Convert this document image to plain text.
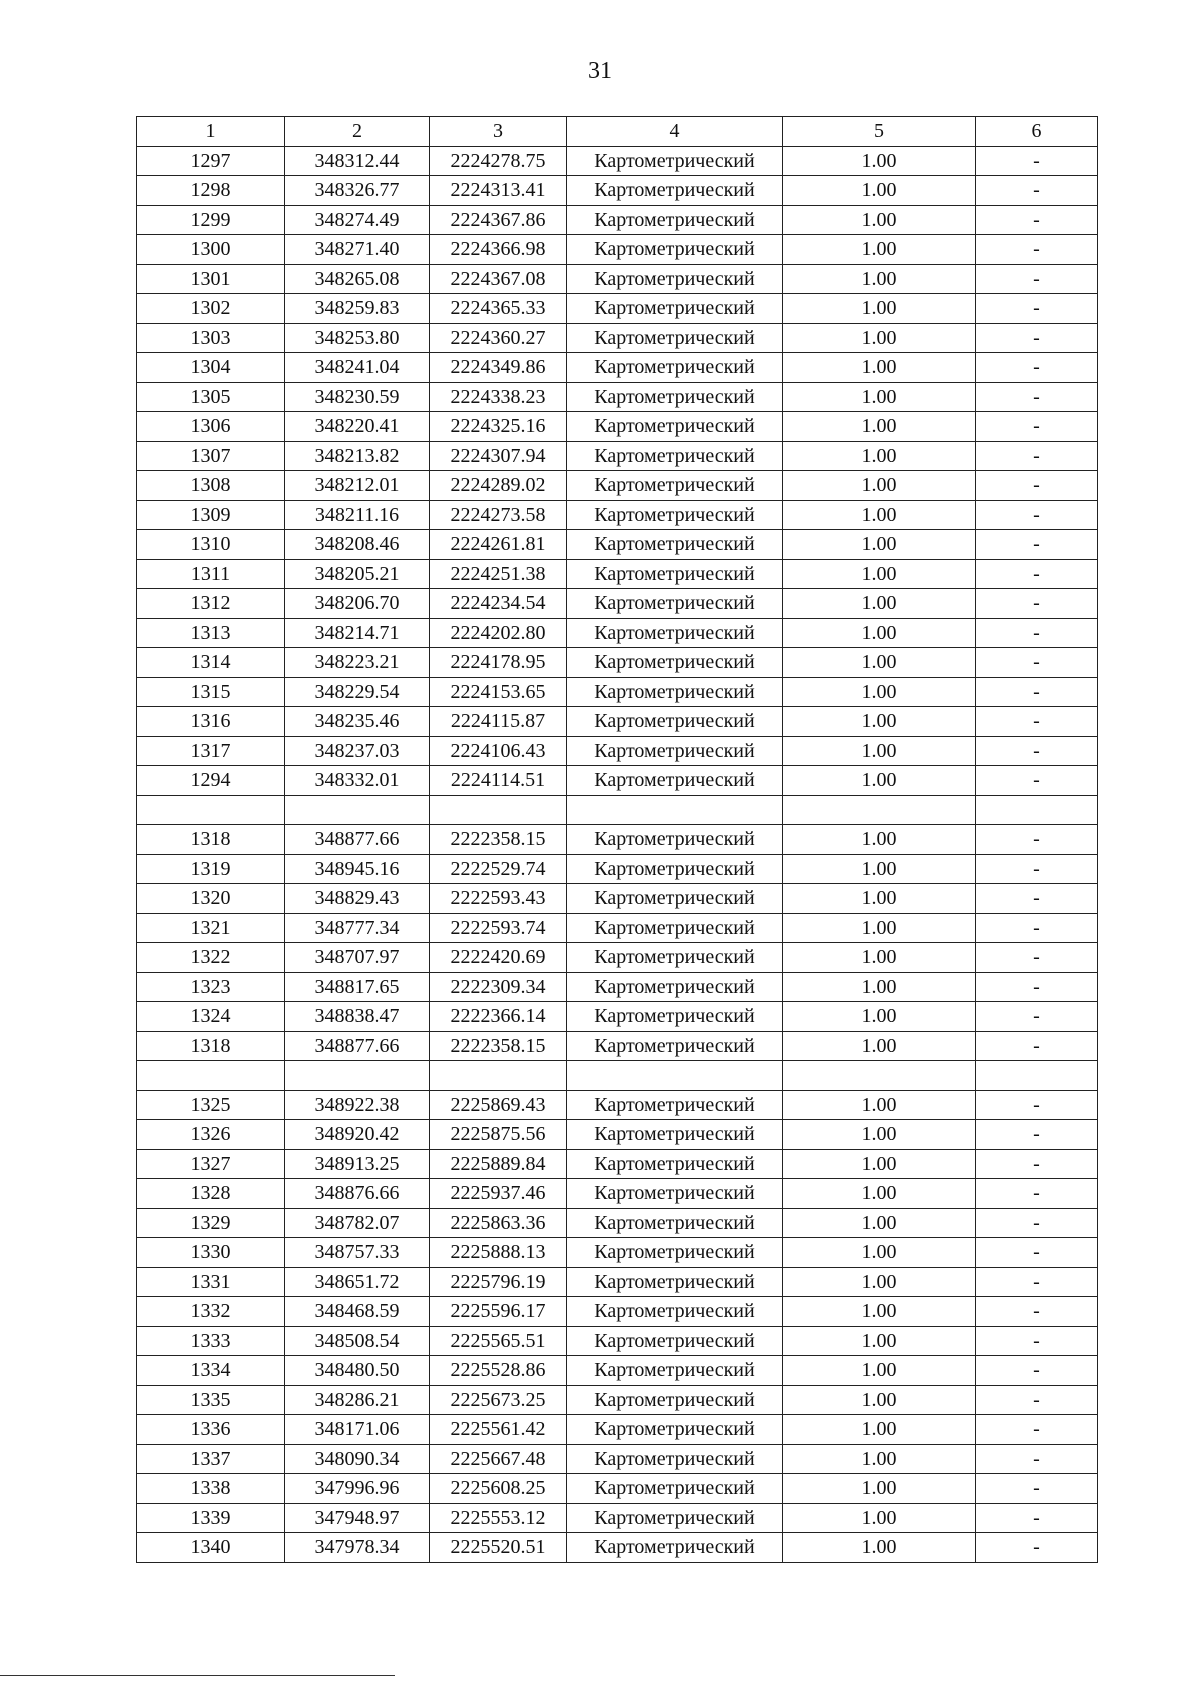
31
1	2	3	4	5	6
1297	348312.44	2224278.75	Картометрический	1.00	-
1298	348326.77	2224313.41	Картометрический	1.00	-
1299	348274.49	2224367.86	Картометрический	1.00	-
1300	348271.40	2224366.98	Картометрический	1.00	-
1301	348265.08	2224367.08	Картометрический	1.00	-
1302	348259.83	2224365.33	Картометрический	1.00	-
1303	348253.80	2224360.27	Картометрический	1.00	-
1304	348241.04	2224349.86	Картометрический	1.00	-
1305	348230.59	2224338.23	Картометрический	1.00	-
1306	348220.41	2224325.16	Картометрический	1.00	-
1307	348213.82	2224307.94	Картометрический	1.00	-
1308	348212.01	2224289.02	Картометрический	1.00	-
1309	348211.16	2224273.58	Картометрический	1.00	-
1310	348208.46	2224261.81	Картометрический	1.00	-
1311	348205.21	2224251.38	Картометрический	1.00	-
1312	348206.70	2224234.54	Картометрический	1.00	-
1313	348214.71	2224202.80	Картометрический	1.00	-
1314	348223.21	2224178.95	Картометрический	1.00	-
1315	348229.54	2224153.65	Картометрический	1.00	-
1316	348235.46	2224115.87	Картометрический	1.00	-
1317	348237.03	2224106.43	Картометрический	1.00	-
1294	348332.01	2224114.51	Картометрический	1.00	-

1318	348877.66	2222358.15	Картометрический	1.00	-
1319	348945.16	2222529.74	Картометрический	1.00	-
1320	348829.43	2222593.43	Картометрический	1.00	-
1321	348777.34	2222593.74	Картометрический	1.00	-
1322	348707.97	2222420.69	Картометрический	1.00	-
1323	348817.65	2222309.34	Картометрический	1.00	-
1324	348838.47	2222366.14	Картометрический	1.00	-
1318	348877.66	2222358.15	Картометрический	1.00	-

1325	348922.38	2225869.43	Картометрический	1.00	-
1326	348920.42	2225875.56	Картометрический	1.00	-
1327	348913.25	2225889.84	Картометрический	1.00	-
1328	348876.66	2225937.46	Картометрический	1.00	-
1329	348782.07	2225863.36	Картометрический	1.00	-
1330	348757.33	2225888.13	Картометрический	1.00	-
1331	348651.72	2225796.19	Картометрический	1.00	-
1332	348468.59	2225596.17	Картометрический	1.00	-
1333	348508.54	2225565.51	Картометрический	1.00	-
1334	348480.50	2225528.86	Картометрический	1.00	-
1335	348286.21	2225673.25	Картометрический	1.00	-
1336	348171.06	2225561.42	Картометрический	1.00	-
1337	348090.34	2225667.48	Картометрический	1.00	-
1338	347996.96	2225608.25	Картометрический	1.00	-
1339	347948.97	2225553.12	Картометрический	1.00	-
1340	347978.34	2225520.51	Картометрический	1.00	-
